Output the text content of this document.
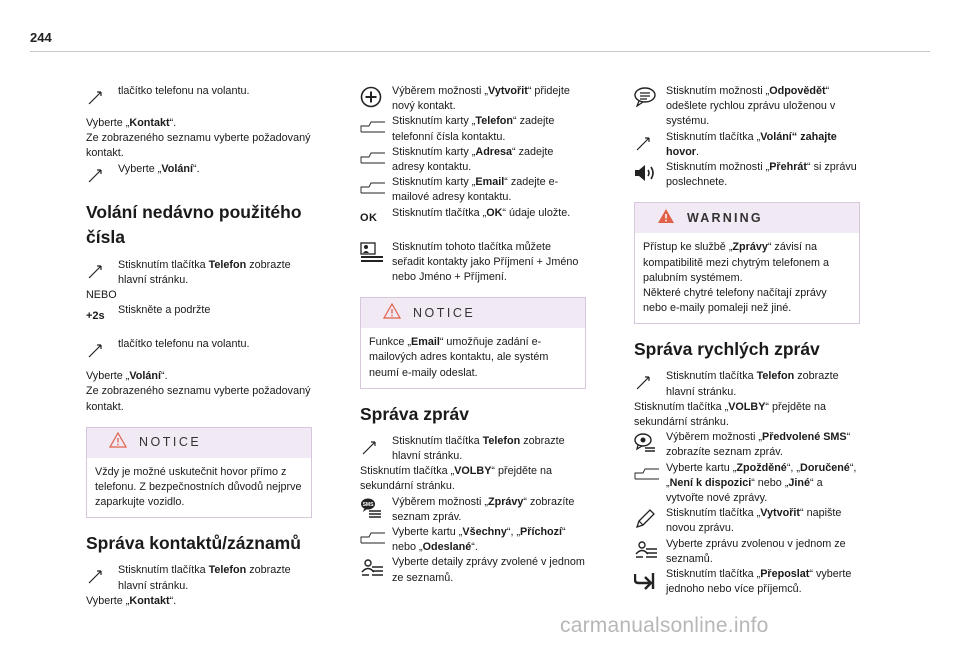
244
tlačítko telefonu na volantu.
Vyberte „Kontakt“.
Ze zobrazeného seznamu vyberte požadovaný kontakt.
Vyberte „Volání“.
Volání nedávno použitého čísla
Stisknutím tlačítka Telefon zobrazte hlavní stránku.
NEBO
+2s Stiskněte a podržte
tlačítko telefonu na volantu.
Vyberte „Volání“.
Ze zobrazeného seznamu vyberte požadovaný kontakt.
NOTICE
Vždy je možné uskutečnit hovor přímo z telefonu. Z bezpečnostních důvodů nejprve zaparkujte vozidlo.
Správa kontaktů/záznamů
Stisknutím tlačítka Telefon zobrazte hlavní stránku.
Vyberte „Kontakt“.
Výběrem možnosti „Vytvořit“ přidejte nový kontakt.
Stisknutím karty „Telefon“ zadejte telefonní čísla kontaktu.
Stisknutím karty „Adresa“ zadejte adresy kontaktu.
Stisknutím karty „Email“ zadejte e-mailové adresy kontaktu.
OK Stisknutím tlačítka „OK“ údaje uložte.
Stisknutím tohoto tlačítka můžete seřadit kontakty jako Příjmení + Jméno nebo Jméno + Příjmení.
NOTICE
Funkce „Email“ umožňuje zadání e-mailových adres kontaktu, ale systém neumí e-maily odeslat.
Správa zpráv
Stisknutím tlačítka Telefon zobrazte hlavní stránku.
Stisknutím tlačítka „VOLBY“ přejděte na sekundární stránku.
SMS Výběrem možnosti „Zprávy“ zobrazíte seznam zpráv.
Vyberte kartu „Všechny“, „Příchozí“ nebo „Odeslané“.
Vyberte detaily zprávy zvolené v jednom ze seznamů.
Stisknutím možnosti „Odpovědět“ odešlete rychlou zprávu uloženou v systému.
Stisknutím tlačítka „Volání“ zahajte hovor.
Stisknutím možnosti „Přehrát“ si zprávu poslechnete.
WARNING
Přístup ke službě „Zprávy“ závisí na kompatibilitě mezi chytrým telefonem a palubním systémem.
Některé chytré telefony načítají zprávy nebo e-maily pomaleji než jiné.
Správa rychlých zpráv
Stisknutím tlačítka Telefon zobrazte hlavní stránku.
Stisknutím tlačítka „VOLBY“ přejděte na sekundární stránku.
Výběrem možnosti „Předvolené SMS“ zobrazíte seznam zpráv.
Vyberte kartu „Zpožděné“, „Doručené“, „Není k dispozici“ nebo „Jiné“ a vytvořte nové zprávy.
Stisknutím tlačítka „Vytvořit“ napište novou zprávu.
Vyberte zprávu zvolenou v jednom ze seznamů.
Stisknutím tlačítka „Přeposlat“ vyberte jednoho nebo více příjemců.
carmanualsonline.info
